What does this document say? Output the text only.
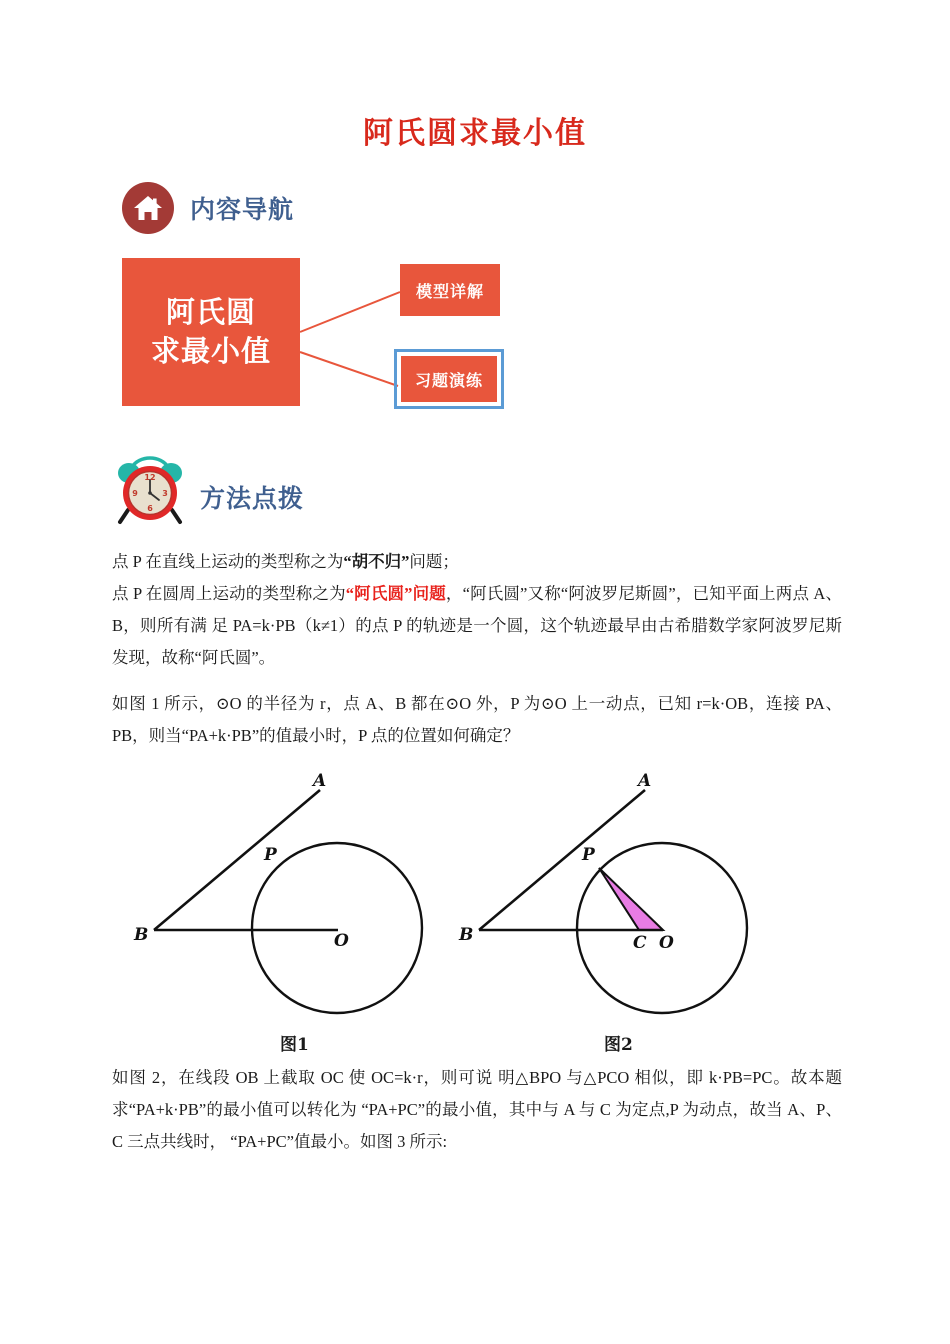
阿氏圆求最小值
内容导航
阿氏圆
求最小值
模型详解
习题演练
12
3
6
9 方法点拨

点 P 在直线上运动的类型称之为“胡不归”问题；

点 P 在圆周上运动的类型称之为“阿氏圆”问题，“阿氏圆”又称“阿波罗尼斯圆”，已知平面上两点 A、B，则所有满 足 PA=k·PB（k≠1）的点 P 的轨迹是一个圆，这个轨迹最早由古希腊数学家阿波罗尼斯发现，故称“阿氏圆”。

如图 1 所示，⊙O 的半径为 r，点 A、B 都在⊙O 外，P 为⊙O 上一动点，已知 r=k·OB，连接 PA、PB，则当“PA+k·PB”的值最小时，P 点的位置如何确定？

A
P
B	O
A
P
B	C O
图1	图2

如图 2，在线段 OB 上截取 OC 使 OC=k·r，则可说 明△BPO 与△PCO 相似，即 k·PB=PC。故本题求“PA+k·PB”的最小值可以转化为 “PA+PC”的最小值，其中与 A 与 C 为定点,P 为动点，故当 A、P、C 三点共线时， “PA+PC”值最小。如图 3 所示:
